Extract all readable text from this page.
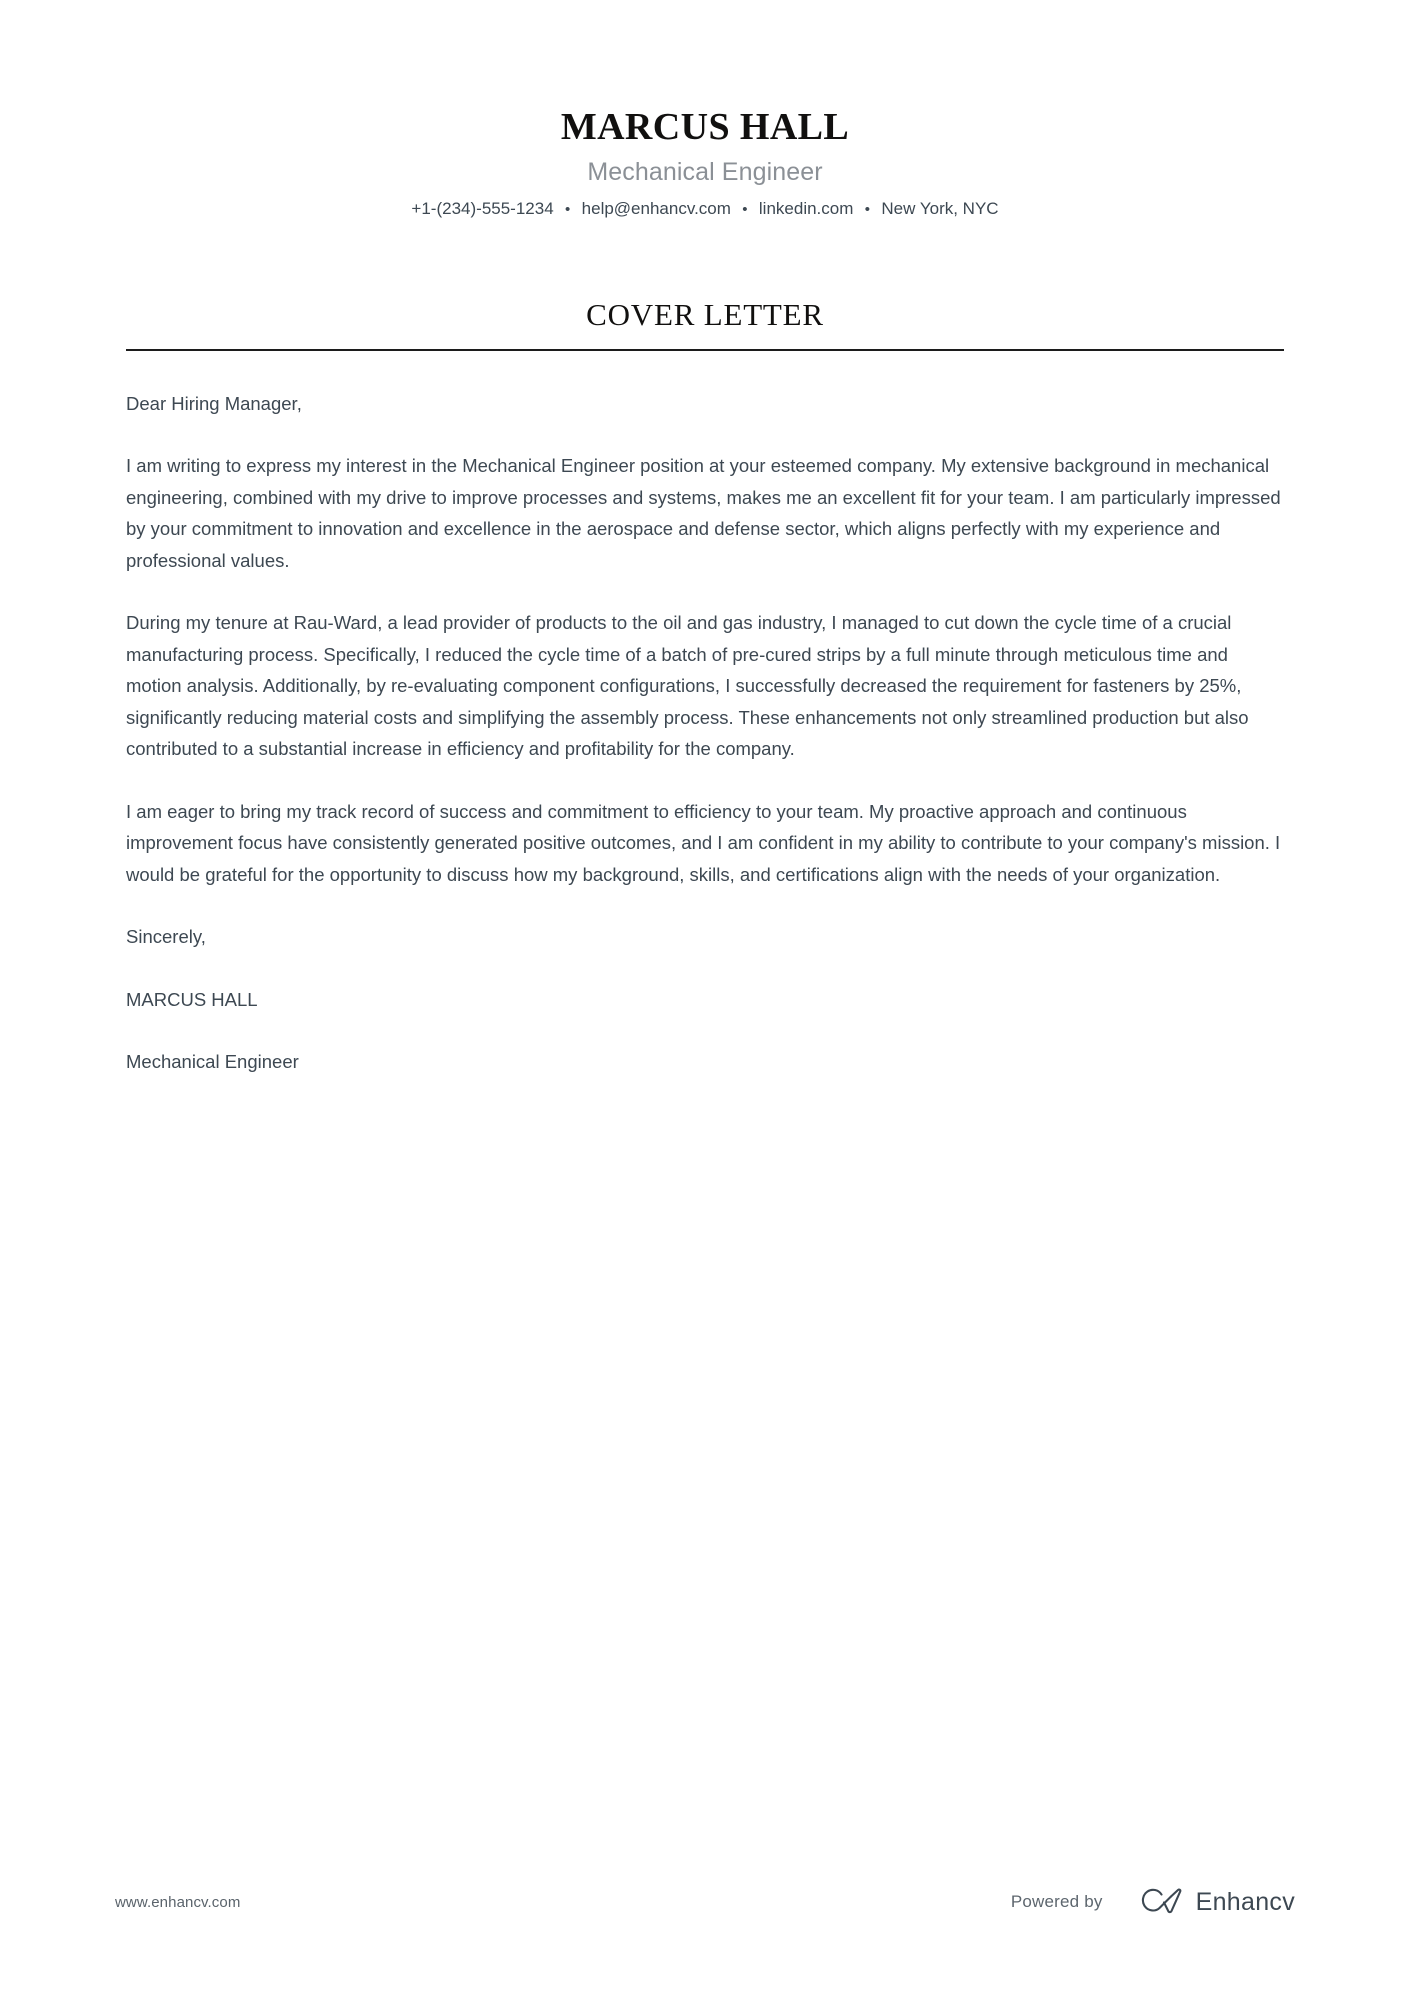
MARCUS HALL
Mechanical Engineer
+1-(234)-555-1234 • help@enhancv.com • linkedin.com • New York, NYC
COVER LETTER

Dear Hiring Manager,

I am writing to express my interest in the Mechanical Engineer position at your esteemed company. My extensive background in mechanical engineering, combined with my drive to improve processes and systems, makes me an excellent fit for your team. I am particularly impressed by your commitment to innovation and excellence in the aerospace and defense sector, which aligns perfectly with my experience and professional values.

During my tenure at Rau-Ward, a lead provider of products to the oil and gas industry, I managed to cut down the cycle time of a crucial manufacturing process. Specifically, I reduced the cycle time of a batch of pre-cured strips by a full minute through meticulous time and motion analysis. Additionally, by re-evaluating component configurations, I successfully decreased the requirement for fasteners by 25%, significantly reducing material costs and simplifying the assembly process. These enhancements not only streamlined production but also contributed to a substantial increase in efficiency and profitability for the company.

I am eager to bring my track record of success and commitment to efficiency to your team. My proactive approach and continuous improvement focus have consistently generated positive outcomes, and I am confident in my ability to contribute to your company's mission. I would be grateful for the opportunity to discuss how my background, skills, and certifications align with the needs of your organization.

Sincerely,

MARCUS HALL

Mechanical Engineer

www.enhancv.com	Powered by	Enhancv
